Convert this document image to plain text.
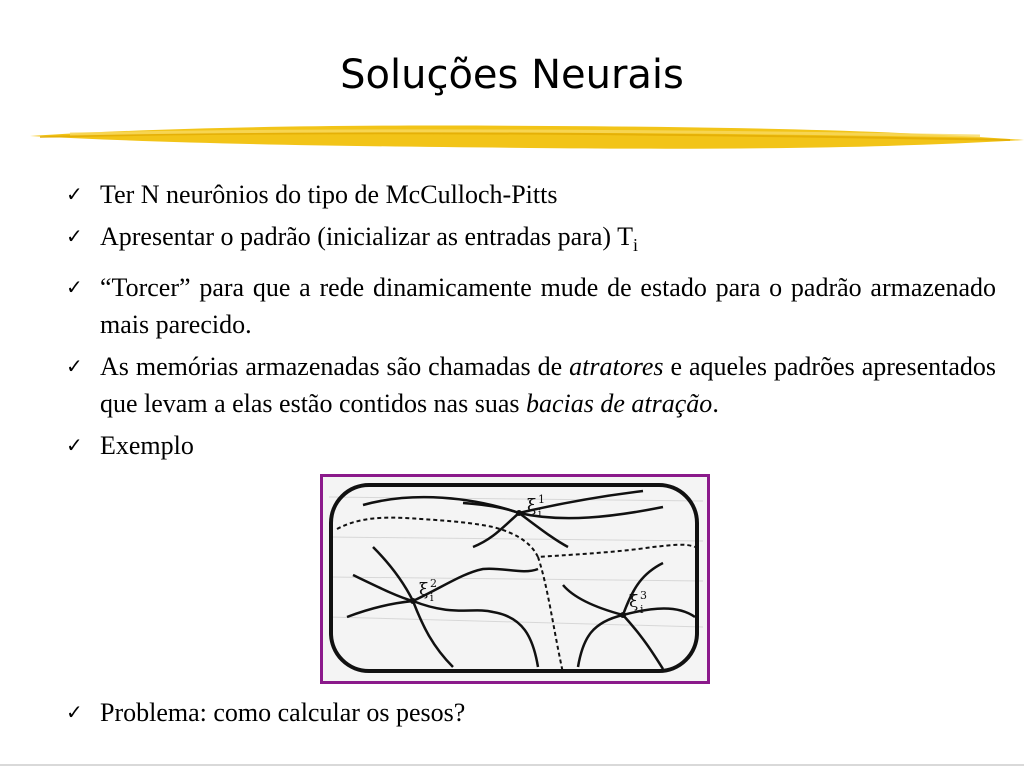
Soluções Neurais
✓ Ter N neurônios do tipo de McCulloch-Pitts
✓ Apresentar o padrão (inicializar as entradas para) $T_i$
✓ “Torcer” para que a rede dinamicamente mude de estado para o padrão armazenado mais parecido.
✓ As memórias armazenadas são chamadas de atratores e aqueles padrões apresentados que levam a elas estão contidos nas suas bacias de atração.
✓ Exemplo
✓ Problema: como calcular os pesos?
ξ 1
i
ξ 2
i	ξ 3
i
